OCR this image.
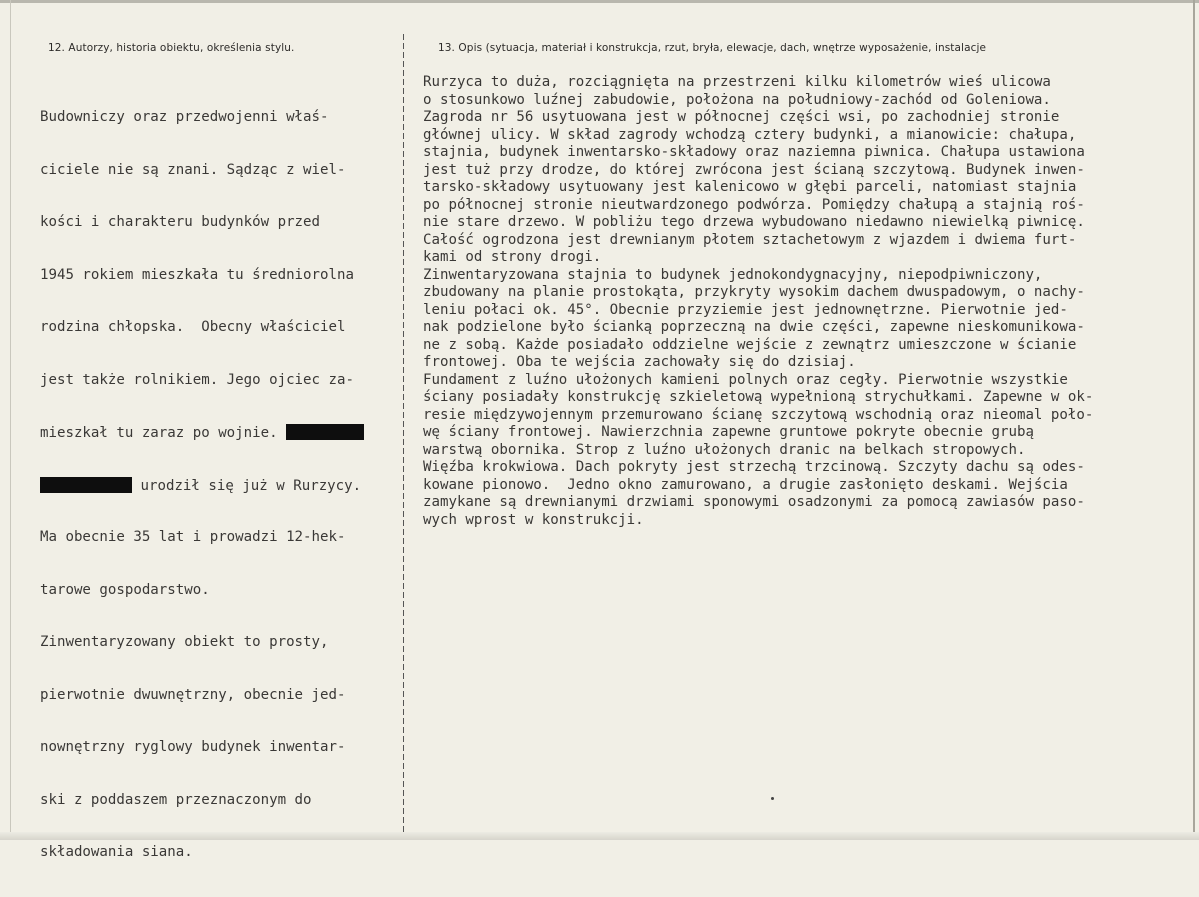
12. Autorzy, historia obiektu, określenia stylu.	13. Opis (sytuacja, materiał i konstrukcja, rzut, bryła, elewacje, dach, wnętrze wyposażenie, instalacje

Budowniczy oraz przedwojenni właś-

ciciele nie są znani. Sądząc z wiel-

kości i charakteru budynków przed

1945 rokiem mieszkała tu średniorolna

rodzina chłopska.  Obecny właściciel

jest także rolnikiem. Jego ojciec za-

mieszkał tu zaraz po wojnie.

urodził się już w Rurzycy.

Ma obecnie 35 lat i prowadzi 12-hek-

tarowe gospodarstwo.

Zinwentaryzowany obiekt to prosty,

pierwotnie dwuwnętrzny, obecnie jed-

nownętrzny ryglowy budynek inwentar-

ski z poddaszem przeznaczonym do

składowania siana.

Rurzyca to duża, rozciągnięta na przestrzeni kilku kilometrów wieś ulicowa
o stosunkowo luźnej zabudowie, położona na południowy-zachód od Goleniowa.
Zagroda nr 56 usytuowana jest w północnej części wsi, po zachodniej stronie
głównej ulicy. W skład zagrody wchodzą cztery budynki, a mianowicie: chałupa,
stajnia, budynek inwentarsko-składowy oraz naziemna piwnica. Chałupa ustawiona
jest tuż przy drodze, do której zwrócona jest ścianą szczytową. Budynek inwen-
tarsko-składowy usytuowany jest kalenicowo w głębi parceli, natomiast stajnia
po północnej stronie nieutwardzonego podwórza. Pomiędzy chałupą a stajnią roś-
nie stare drzewo. W pobliżu tego drzewa wybudowano niedawno niewielką piwnicę.
Całość ogrodzona jest drewnianym płotem sztachetowym z wjazdem i dwiema furt-
kami od strony drogi.
Zinwentaryzowana stajnia to budynek jednokondygnacyjny, niepodpiwniczony,
zbudowany na planie prostokąta, przykryty wysokim dachem dwuspadowym, o nachy-
leniu połaci ok. 45°. Obecnie przyziemie jest jednownętrzne. Pierwotnie jed-
nak podzielone było ścianką poprzeczną na dwie części, zapewne nieskomunikowa-
ne z sobą. Każde posiadało oddzielne wejście z zewnątrz umieszczone w ścianie
frontowej. Oba te wejścia zachowały się do dzisiaj.
Fundament z luźno ułożonych kamieni polnych oraz cegły. Pierwotnie wszystkie
ściany posiadały konstrukcję szkieletową wypełnioną strychułkami. Zapewne w ok-
resie międzywojennym przemurowano ścianę szczytową wschodnią oraz nieomal poło-
wę ściany frontowej. Nawierzchnia zapewne gruntowe pokryte obecnie grubą
warstwą obornika. Strop z luźno ułożonych dranic na belkach stropowych.
Więźba krokwiowa. Dach pokryty jest strzechą trzcinową. Szczyty dachu są odes-
kowane pionowo.  Jedno okno zamurowano, a drugie zasłonięto deskami. Wejścia
zamykane są drewnianymi drzwiami sponowymi osadzonymi za pomocą zawiasów paso-
wych wprost w konstrukcji.
